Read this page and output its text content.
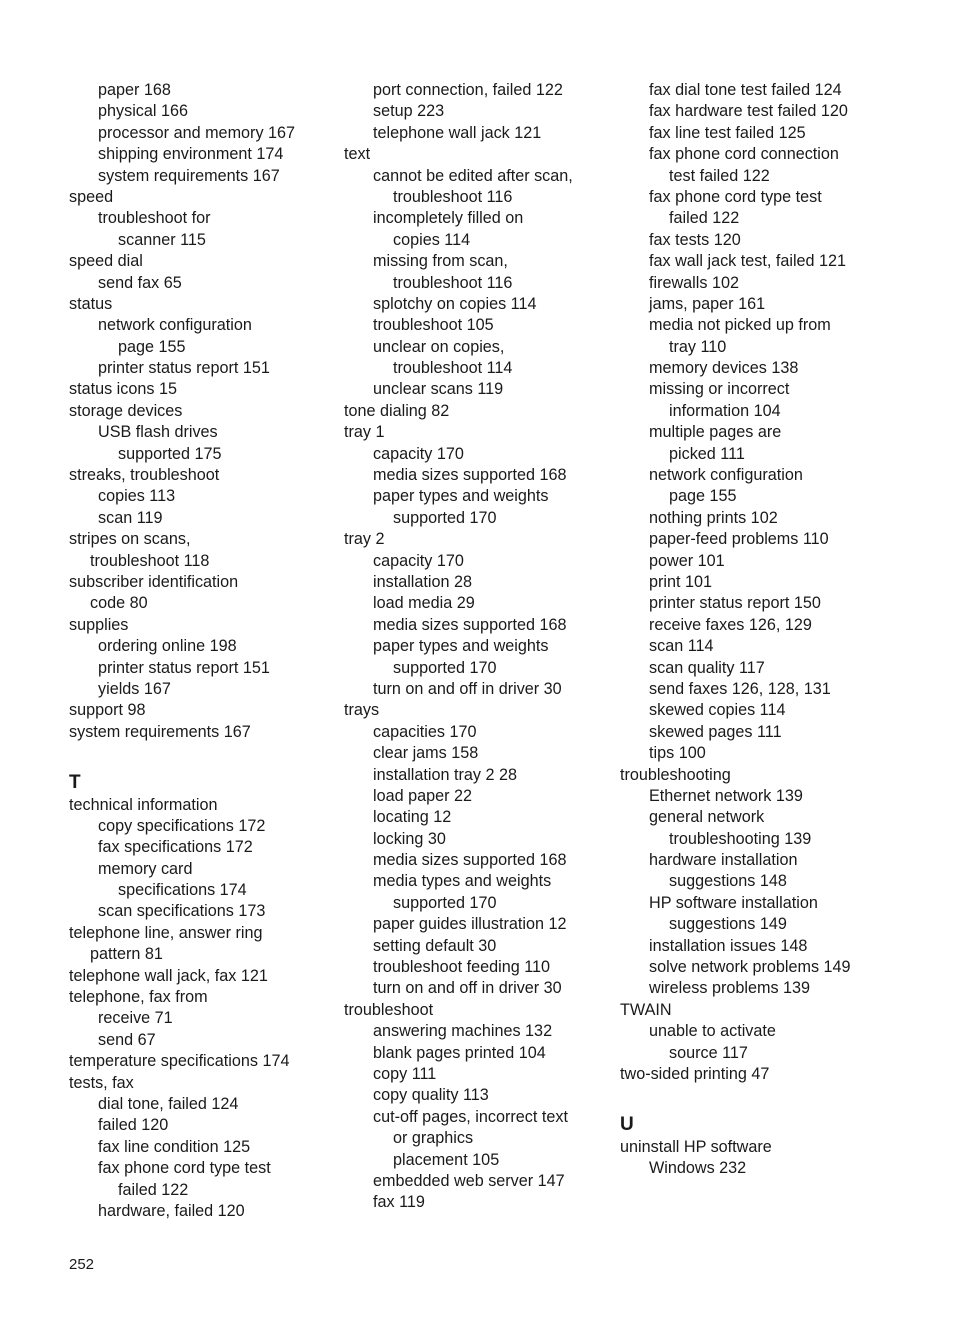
paper 168
physical 166
processor and memory 167
shipping environment 174
system requirements 167
speed
troubleshoot for
scanner 115
speed dial
send fax 65
status
network configuration
page 155
printer status report 151
status icons 15
storage devices
USB flash drives
supported 175
streaks, troubleshoot
copies 113
scan 119
stripes on scans,
troubleshoot 118
subscriber identification
code 80
supplies
ordering online 198
printer status report 151
yields 167
support 98
system requirements 167
T
technical information
copy specifications 172
fax specifications 172
memory card
specifications 174
scan specifications 173
telephone line, answer ring
pattern 81
telephone wall jack, fax 121
telephone, fax from
receive 71
send 67
temperature specifications 174
tests, fax
dial tone, failed 124
failed 120
fax line condition 125
fax phone cord type test
failed 122
hardware, failed 120
port connection, failed 122
setup 223
telephone wall jack 121
text
cannot be edited after scan,
troubleshoot 116
incompletely filled on
copies 114
missing from scan,
troubleshoot 116
splotchy on copies 114
troubleshoot 105
unclear on copies,
troubleshoot 114
unclear scans 119
tone dialing 82
tray 1
capacity 170
media sizes supported 168
paper types and weights
supported 170
tray 2
capacity 170
installation 28
load media 29
media sizes supported 168
paper types and weights
supported 170
turn on and off in driver 30
trays
capacities 170
clear jams 158
installation tray 2 28
load paper 22
locating 12
locking 30
media sizes supported 168
media types and weights
supported 170
paper guides illustration 12
setting default 30
troubleshoot feeding 110
turn on and off in driver 30
troubleshoot
answering machines 132
blank pages printed 104
copy 111
copy quality 113
cut-off pages, incorrect text
or graphics
placement 105
embedded web server 147
fax 119
fax dial tone test failed 124
fax hardware test failed 120
fax line test failed 125
fax phone cord connection
test failed 122
fax phone cord type test
failed 122
fax tests 120
fax wall jack test, failed 121
firewalls 102
jams, paper 161
media not picked up from
tray 110
memory devices 138
missing or incorrect
information 104
multiple pages are
picked 111
network configuration
page 155
nothing prints 102
paper-feed problems 110
power 101
print 101
printer status report 150
receive faxes 126, 129
scan 114
scan quality 117
send faxes 126, 128, 131
skewed copies 114
skewed pages 111
tips 100
troubleshooting
Ethernet network 139
general network
troubleshooting 139
hardware installation
suggestions 148
HP software installation
suggestions 149
installation issues 148
solve network problems 149
wireless problems 139
TWAIN
unable to activate
source 117
two-sided printing 47
U
uninstall HP software
Windows 232
252
